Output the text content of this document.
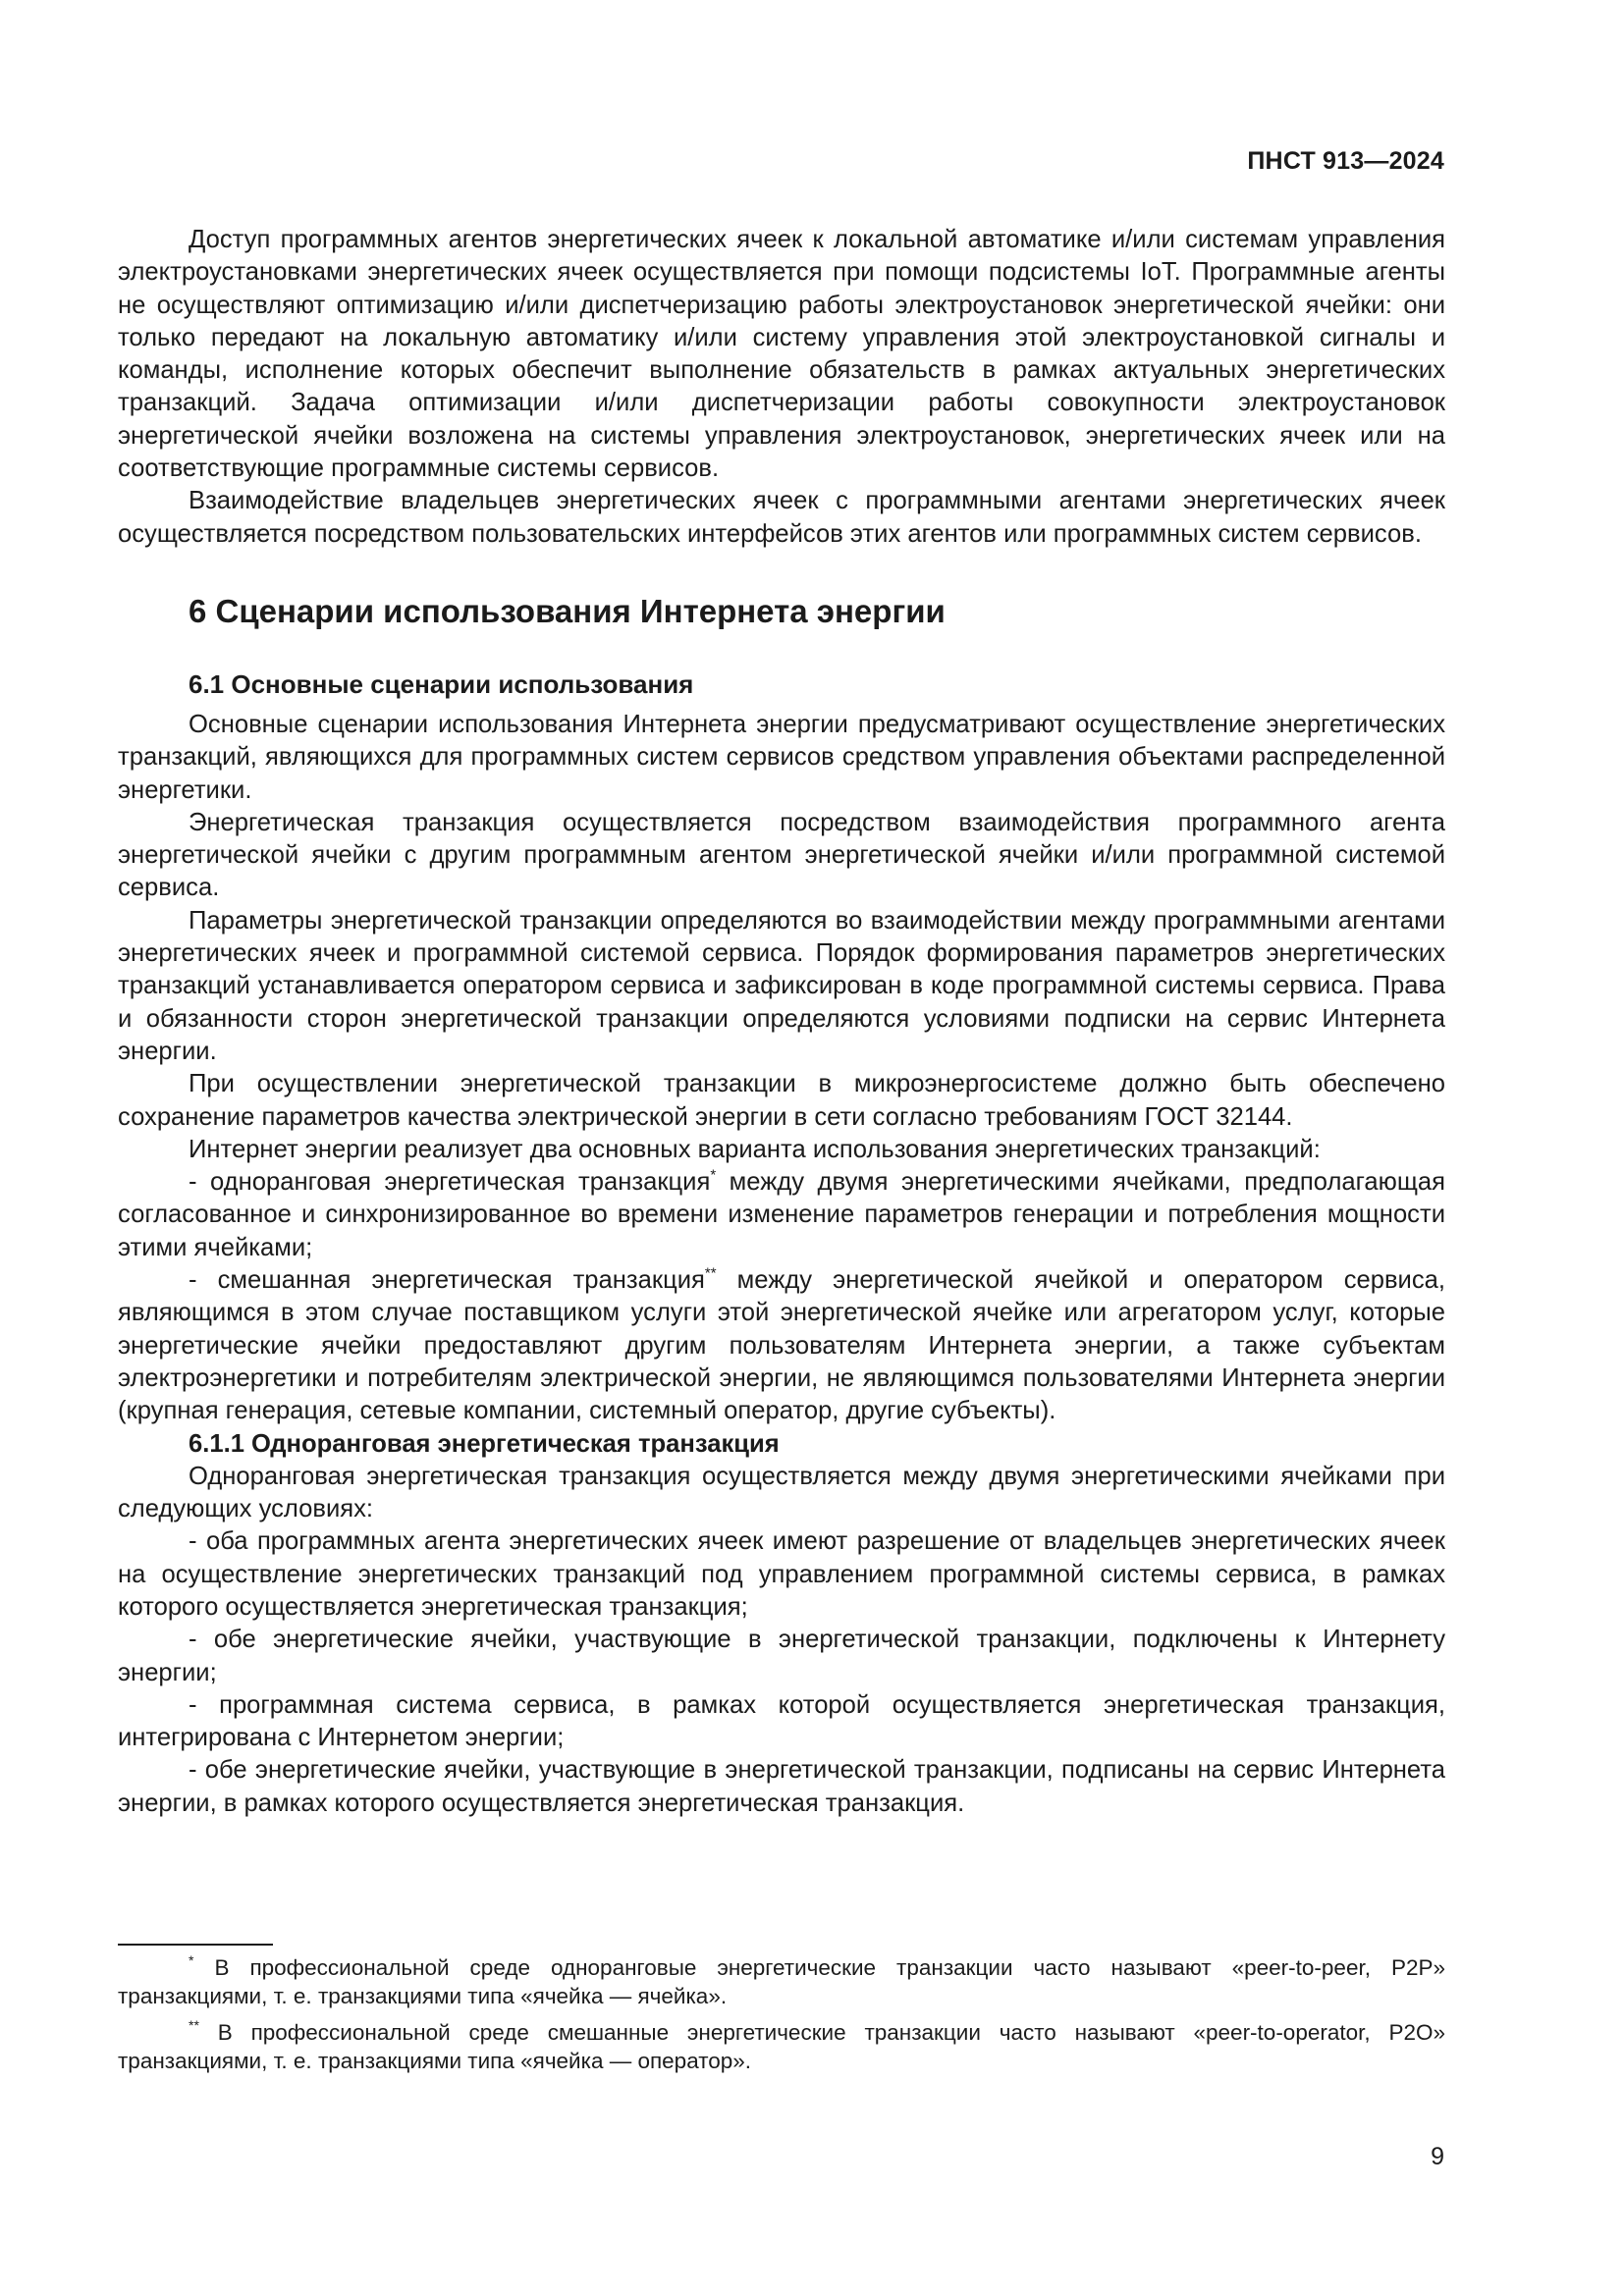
ПНСТ 913—2024

Доступ программных агентов энергетических ячеек к локальной автоматике и/или системам управления электроустановками энергетических ячеек осуществляется при помощи подсистемы IoT. Программные агенты не осуществляют оптимизацию и/или диспетчеризацию работы электроустановок энергетической ячейки: они только передают на локальную автоматику и/или систему управления этой электроустановкой сигналы и команды, исполнение которых обеспечит выполнение обязательств в рамках актуальных энергетических транзакций. Задача оптимизации и/или диспетчеризации работы совокупности электроустановок энергетической ячейки возложена на системы управления электроустановок, энергетических ячеек или на соответствующие программные системы сервисов.

Взаимодействие владельцев энергетических ячеек с программными агентами энергетических ячеек осуществляется посредством пользовательских интерфейсов этих агентов или программных систем сервисов.

6 Сценарии использования Интернета энергии
6.1 Основные сценарии использования

Основные сценарии использования Интернета энергии предусматривают осуществление энергетических транзакций, являющихся для программных систем сервисов средством управления объектами распределенной энергетики.

Энергетическая транзакция осуществляется посредством взаимодействия программного агента энергетической ячейки с другим программным агентом энергетической ячейки и/или программной системой сервиса.

Параметры энергетической транзакции определяются во взаимодействии между программными агентами энергетических ячеек и программной системой сервиса. Порядок формирования параметров энергетических транзакций устанавливается оператором сервиса и зафиксирован в коде программной системы сервиса. Права и обязанности сторон энергетической транзакции определяются условиями подписки на сервис Интернета энергии.

При осуществлении энергетической транзакции в микроэнергосистеме должно быть обеспечено сохранение параметров качества электрической энергии в сети согласно требованиям ГОСТ 32144.

Интернет энергии реализует два основных варианта использования энергетических транзакций:

- одноранговая энергетическая транзакция* между двумя энергетическими ячейками, предполагающая согласованное и синхронизированное во времени изменение параметров генерации и потребления мощности этими ячейками;

- смешанная энергетическая транзакция** между энергетической ячейкой и оператором сервиса, являющимся в этом случае поставщиком услуги этой энергетической ячейке или агрегатором услуг, которые энергетические ячейки предоставляют другим пользователям Интернета энергии, а также субъектам электроэнергетики и потребителям электрической энергии, не являющимся пользователями Интернета энергии (крупная генерация, сетевые компании, системный оператор, другие субъекты).

6.1.1 Одноранговая энергетическая транзакция

Одноранговая энергетическая транзакция осуществляется между двумя энергетическими ячейками при следующих условиях:

- оба программных агента энергетических ячеек имеют разрешение от владельцев энергетических ячеек на осуществление энергетических транзакций под управлением программной системы сервиса, в рамках которого осуществляется энергетическая транзакция;

- обе энергетические ячейки, участвующие в энергетической транзакции, подключены к Интернету энергии;

- программная система сервиса, в рамках которой осуществляется энергетическая транзакция, интегрирована с Интернетом энергии;

- обе энергетические ячейки, участвующие в энергетической транзакции, подписаны на сервис Интернета энергии, в рамках которого осуществляется энергетическая транзакция.

* В профессиональной среде одноранговые энергетические транзакции часто называют «peer-to-peer, P2P» транзакциями, т. е. транзакциями типа «ячейка — ячейка».

** В профессиональной среде смешанные энергетические транзакции часто называют «peer-to-operator, P2O» транзакциями, т. е. транзакциями типа «ячейка — оператор».

9
